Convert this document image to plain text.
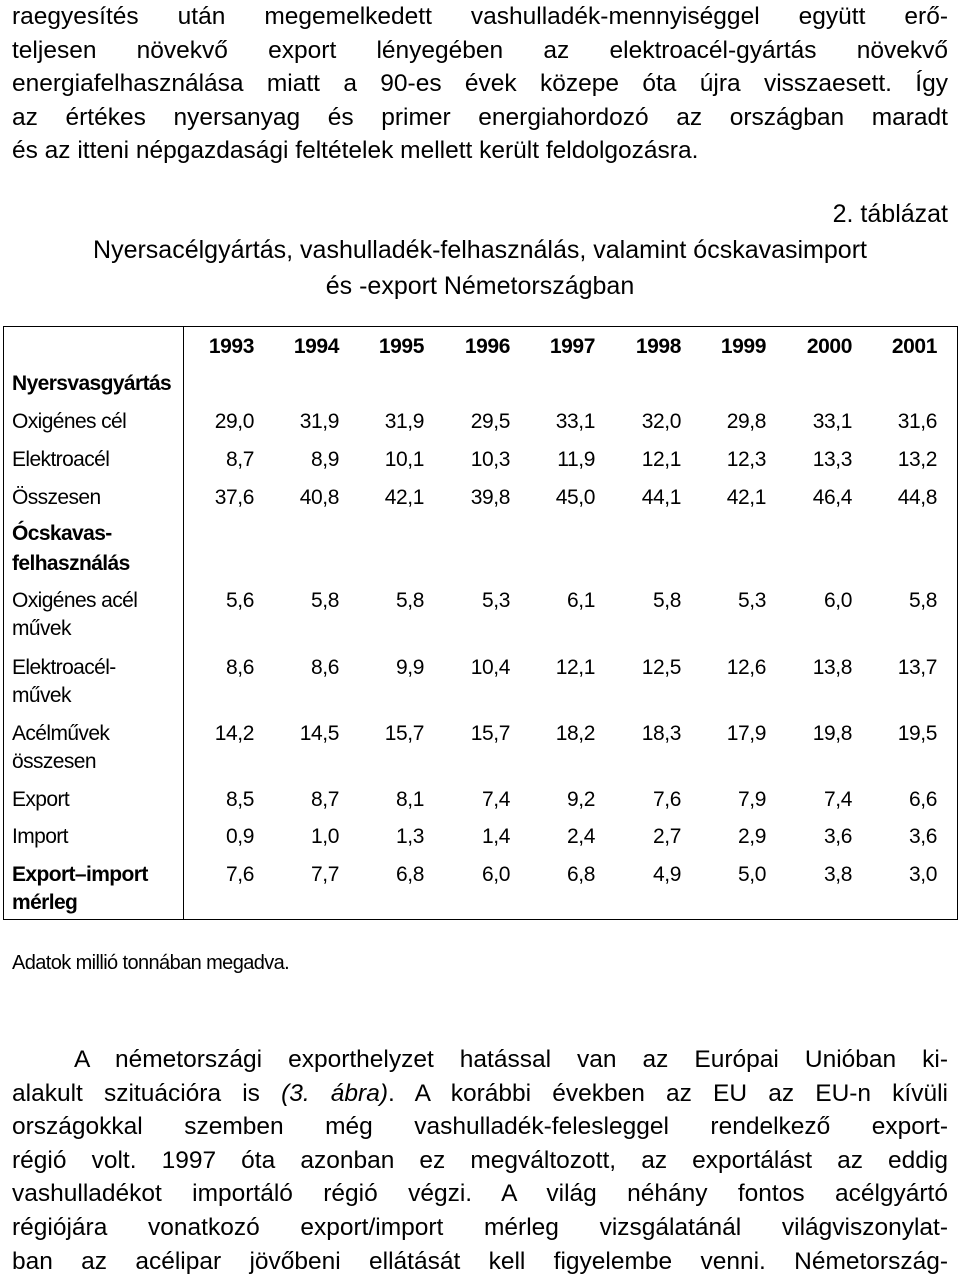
raegyesítés után megemelkedett vashulladék-mennyiséggel együtt erő-
teljesen növekvő export lényegében az elektroacél-gyártás növekvő
energiafelhasználása miatt a 90-es évek közepe óta újra visszaesett. Így
az értékes nyersanyag és primer energiahordozó az országban maradt
és az itteni népgazdasági feltételek mellett került feldolgozásra.
2. táblázat
Nyersacélgyártás, vashulladék-felhasználás, valamint ócskavasimport
és -export Németországban
1993	1994	1995	1996	1997	1998	1999	2000	2001
Nyersvasgyártás
Oxigénes cél	29,0	31,9	31,9	29,5	33,1	32,0	29,8	33,1	31,6
Elektroacél	8,7	8,9	10,1	10,3	11,9	12,1	12,3	13,3	13,2
Összesen	37,6	40,8	42,1	39,8	45,0	44,1	42,1	46,4	44,8
Ócskavas-
felhasználás
Oxigénes acél	5,6	5,8	5,8	5,3	6,1	5,8	5,3	6,0	5,8
művek
Elektroacél-	8,6	8,6	9,9	10,4	12,1	12,5	12,6	13,8	13,7
művek
Acélművek	14,2	14,5	15,7	15,7	18,2	18,3	17,9	19,8	19,5
összesen
Export	8,5	8,7	8,1	7,4	9,2	7,6	7,9	7,4	6,6
Import	0,9	1,0	1,3	1,4	2,4	2,7	2,9	3,6	3,6
Export–import	7,6	7,7	6,8	6,0	6,8	4,9	5,0	3,8	3,0
mérleg
Adatok millió tonnában megadva.
A németországi exporthelyzet hatással van az Európai Unióban ki-
alakult szituációra is (3. ábra). A korábbi években az EU az EU-n kívüli
országokkal szemben még vashulladék-felesleggel rendelkező export-
régió volt. 1997 óta azonban ez megváltozott, az exportálást az eddig
vashulladékot importáló régió végzi. A világ néhány fontos acélgyártó
régiójára vonatkozó export/import mérleg vizsgálatánál világviszonylat-
ban az acélipar jövőbeni ellátását kell figyelembe venni. Németország-
